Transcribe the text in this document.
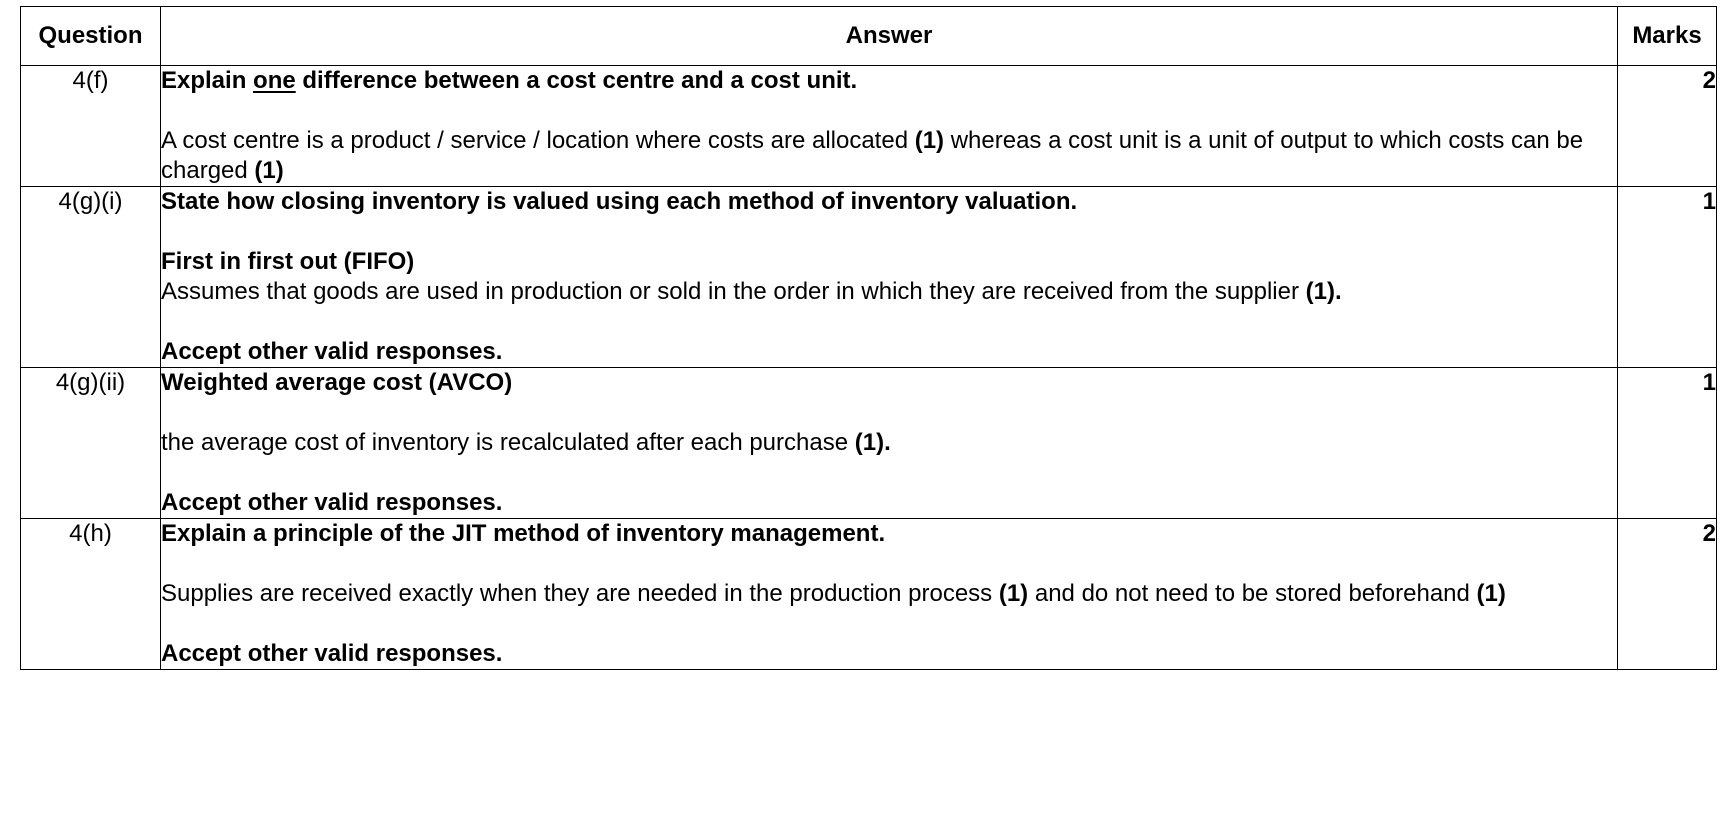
Question	Answer	Marks
4(f)	Explain one difference between a cost centre and a cost unit.

A cost centre is a product / service / location where costs are allocated (1) whereas a cost unit is a unit of output to which costs can be charged (1)	2
4(g)(i)	State how closing inventory is valued using each method of inventory valuation.

First in first out (FIFO)

Assumes that goods are used in production or sold in the order in which they are received from the supplier (1).

Accept other valid responses.	1
4(g)(ii)	Weighted average cost (AVCO)

the average cost of inventory is recalculated after each purchase (1).

Accept other valid responses.	1
4(h)	Explain a principle of the JIT method of inventory management.

Supplies are received exactly when they are needed in the production process (1) and do not need to be stored beforehand (1)

Accept other valid responses.	2
